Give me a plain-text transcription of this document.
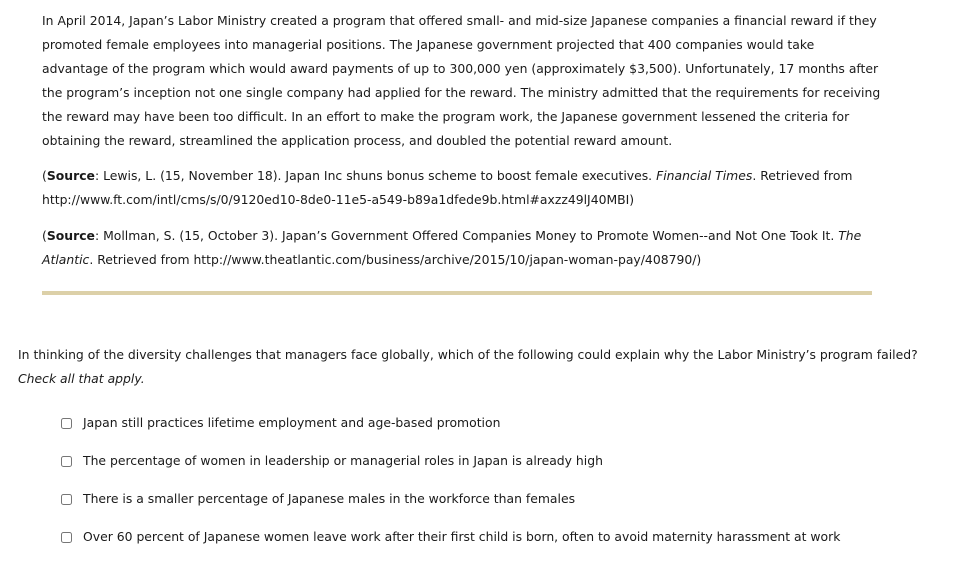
In April 2014, Japan’s Labor Ministry created a program that offered small- and mid-size Japanese companies a financial reward if they promoted female employees into managerial positions. The Japanese government projected that 400 companies would take advantage of the program which would award payments of up to 300,000 yen (approximately $3,500). Unfortunately, 17 months after the program’s inception not one single company had applied for the reward. The ministry admitted that the requirements for receiving the reward may have been too difficult. In an effort to make the program work, the Japanese government lessened the criteria for obtaining the reward, streamlined the application process, and doubled the potential reward amount.

(Source: Lewis, L. (15, November 18). Japan Inc shuns bonus scheme to boost female executives. Financial Times. Retrieved from http://www.ft.com/intl/cms/s/0/9120ed10-8de0-11e5-a549-b89a1dfede9b.html#axzz49lJ40MBI)

(Source: Mollman, S. (15, October 3). Japan’s Government Offered Companies Money to Promote Women--and Not One Took It. The Atlantic. Retrieved from http://www.theatlantic.com/business/archive/2015/10/japan-woman-pay/408790/)

In thinking of the diversity challenges that managers face globally, which of the following could explain why the Labor Ministry’s program failed? Check all that apply.

Japan still practices lifetime employment and age-based promotion
The percentage of women in leadership or managerial roles in Japan is already high
There is a smaller percentage of Japanese males in the workforce than females
Over 60 percent of Japanese women leave work after their first child is born, often to avoid maternity harassment at work
